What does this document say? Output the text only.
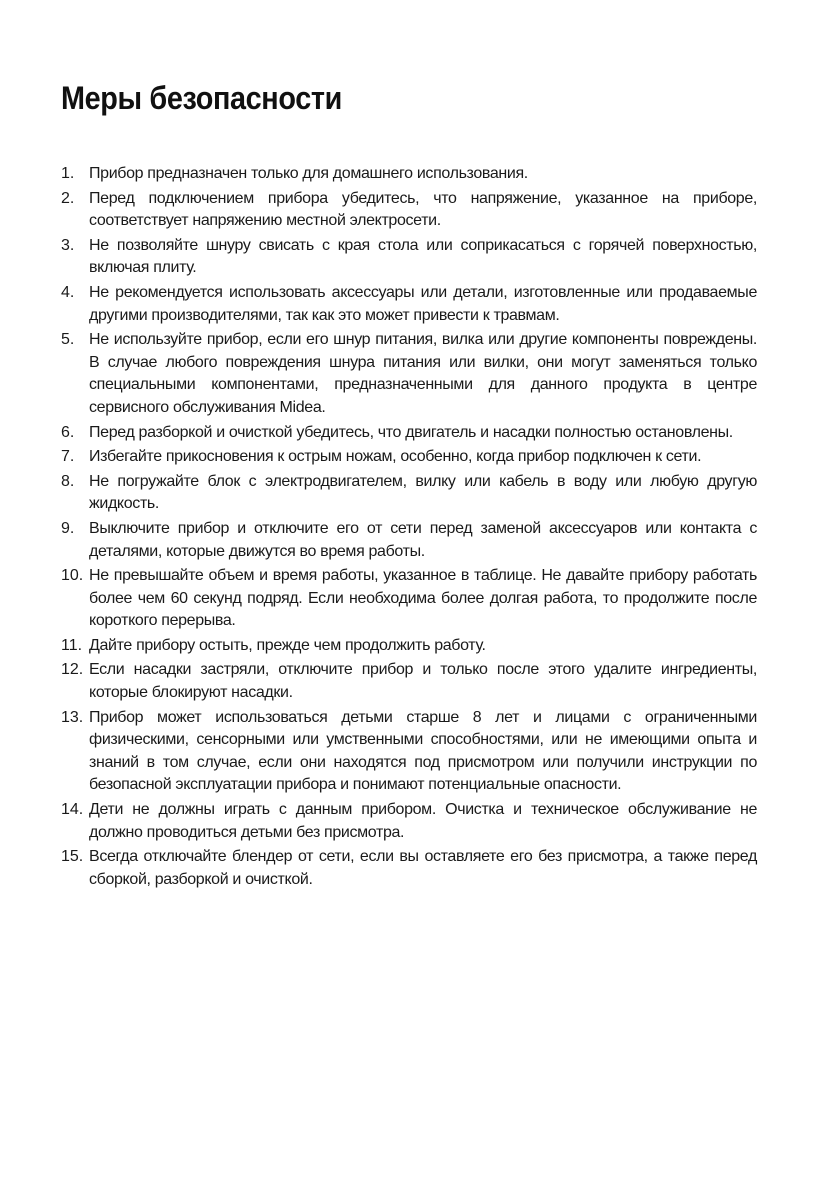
Меры безопасности
1. Прибор предназначен только для домашнего использования.
2. Перед подключением прибора убедитесь, что напряжение, указанное на приборе, соответствует напряжению местной электросети.
3. Не позволяйте шнуру свисать с края стола или соприкасаться с горячей поверхностью, включая плиту.
4. Не рекомендуется использовать аксессуары или детали, изготовленные или продаваемые другими производителями, так как это может привести к травмам.
5. Не используйте прибор, если его шнур питания, вилка или другие компоненты повреждены. В случае любого повреждения шнура питания или вилки, они могут заменяться только специальными компонентами, предназначенными для данного продукта в центре сервисного обслуживания Midea.
6. Перед разборкой и очисткой убедитесь, что двигатель и насадки полностью остановлены.
7. Избегайте прикосновения к острым ножам, особенно, когда прибор подключен к сети.
8. Не погружайте блок с электродвигателем, вилку или кабель в воду или любую другую жидкость.
9. Выключите прибор и отключите его от сети перед заменой аксессуаров или контакта с деталями, которые движутся во время работы.
10. Не превышайте объем и время работы, указанное в таблице. Не давайте прибору работать более чем 60 секунд подряд. Если необходима более долгая работа, то продолжите после короткого перерыва.
11. Дайте прибору остыть, прежде чем продолжить работу.
12. Если насадки застряли, отключите прибор и только после этого удалите ингредиенты, которые блокируют насадки.
13. Прибор может использоваться детьми старше 8 лет и лицами с ограниченными физическими, сенсорными или умственными способностями, или не имеющими опыта и знаний в том случае, если они находятся под присмотром или получили инструкции по безопасной эксплуатации прибора и понимают потенциальные опасности.
14. Дети не должны играть с данным прибором. Очистка и техническое обслуживание не должно проводиться детьми без присмотра.
15. Всегда отключайте блендер от сети, если вы оставляете его без присмотра, а также перед сборкой, разборкой и очисткой.
